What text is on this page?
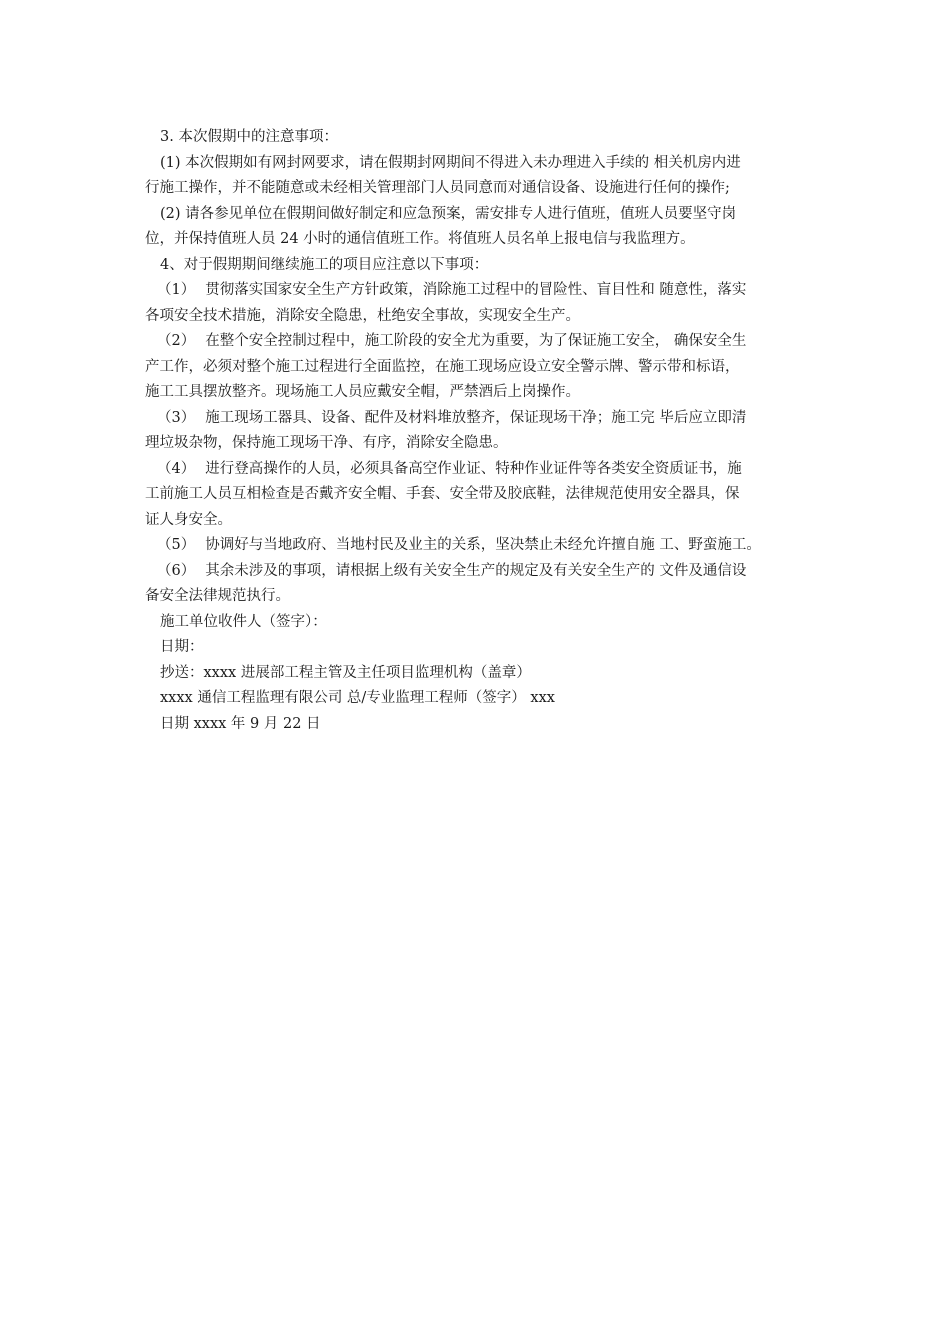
3. 本次假期中的注意事项：
(1) 本次假期如有网封网要求，请在假期封网期间不得进入未办理进入手续的 相关机房内进
行施工操作，并不能随意或未经相关管理部门人员同意而对通信设备、设施进行任何的操作;
(2) 请各参见单位在假期间做好制定和应急预案，需安排专人进行值班，值班人员要坚守岗
位，并保持值班人员 24 小时的通信值班工作。将值班人员名单上报电信与我监理方。
4、对于假期期间继续施工的项目应注意以下事项：
（1） 贯彻落实国家安全生产方针政策，消除施工过程中的冒险性、盲目性和 随意性，落实
各项安全技术措施，消除安全隐患，杜绝安全事故，实现安全生产。
（2） 在整个安全控制过程中，施工阶段的安全尤为重要，为了保证施工安全， 确保安全生
产工作，必须对整个施工过程进行全面监控，在施工现场应设立安全警示牌、警示带和标语，
施工工具摆放整齐。现场施工人员应戴安全帽，严禁酒后上岗操作。
（3） 施工现场工器具、设备、配件及材料堆放整齐，保证现场干净；施工完 毕后应立即清
理垃圾杂物，保持施工现场干净、有序，消除安全隐患。
（4） 进行登高操作的人员，必须具备高空作业证、特种作业证件等各类安全资质证书，施
工前施工人员互相检查是否戴齐安全帽、手套、安全带及胶底鞋，法律规范使用安全器具，保
证人身安全。
（5） 协调好与当地政府、当地村民及业主的关系，坚决禁止未经允许擅自施 工、野蛮施工。
（6） 其余未涉及的事项，请根据上级有关安全生产的规定及有关安全生产的 文件及通信设
备安全法律规范执行。
施工单位收件人（签字）：
日期：
抄送：xxxx 进展部工程主管及主任项目监理机构（盖章）
xxxx 通信工程监理有限公司 总/专业监理工程师（签字） xxx
日期 xxxx 年 9 月 22 日
